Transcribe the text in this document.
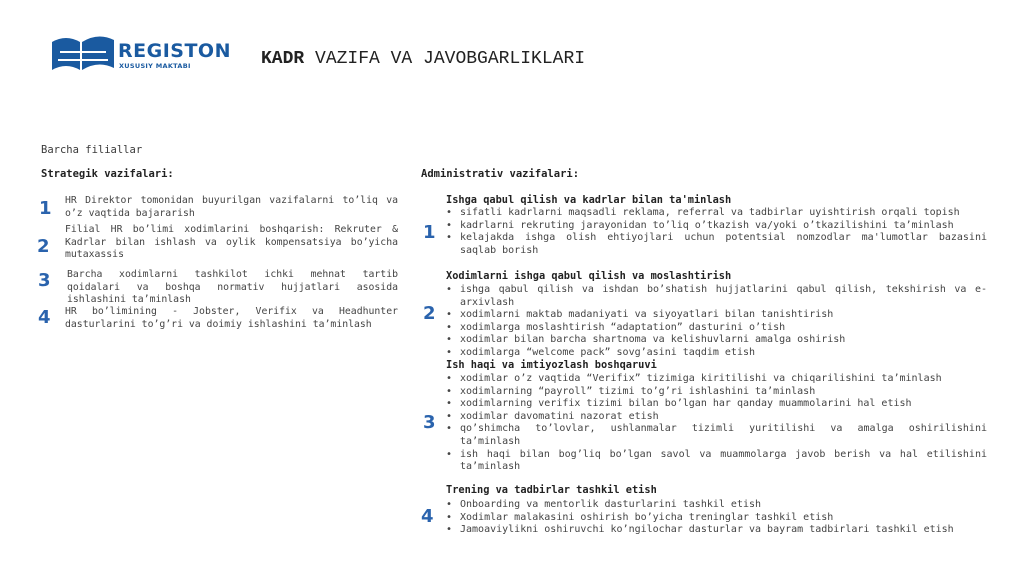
REGISTON
XUSUSIY MAKTABI	KADR VAZIFA VA JAVOBGARLIKLARI
Barcha filiallar
Strategik vazifalari:
1 HR Direktor tomonidan buyurilgan vazifalarni to’liq va o’z vaqtida bajararish
2
Filial HR bo’limi xodimlarini boshqarish: Rekruter & Kadrlar bilan ishlash va oylik kompensatsiya bo’yicha mutaxassis
3 Barcha xodimlarni tashkilot ichki mehnat tartib qoidalari va boshqa normativ hujjatlari asosida ishlashini ta’minlash
4 HR bo’limining - Jobster, Verifix va Headhunter dasturlarini to’g’ri va doimiy ishlashini ta’minlash
Administrativ vazifalari:
1
Ishga qabul qilish va kadrlar bilan ta'minlash
• sifatli kadrlarni maqsadli reklama, referral va tadbirlar uyishtirish orqali topish
• kadrlarni rekruting jarayonidan to’liq o’tkazish va/yoki o’tkazilishini ta’minlash
• kelajakda ishga olish ehtiyojlari uchun potentsial nomzodlar ma'lumotlar bazasini saqlab borish
2
Xodimlarni ishga qabul qilish va moslashtirish
• ishga qabul qilish va ishdan bo’shatish hujjatlarini qabul qilish, tekshirish va e-arxivlash
• xodimlarni maktab madaniyati va siyoyatlari bilan tanishtirish
• xodimlarga moslashtirish “adaptation” dasturini o’tish
• xodimlar bilan barcha shartnoma va kelishuvlarni amalga oshirish
• xodimlarga “welcome pack” sovg’asini taqdim etish
3
Ish haqi va imtiyozlash boshqaruvi
• xodimlar o’z vaqtida “Verifix” tizimiga kiritilishi va chiqarilishini ta’minlash
• xodimlarning “payroll” tizimi to’g’ri ishlashini ta’minlash
• xodimlarning verifix tizimi bilan bo’lgan har qanday muammolarini hal etish
• xodimlar davomatini nazorat etish
• qo’shimcha to’lovlar, ushlanmalar tizimli yuritilishi va amalga oshirilishini ta’minlash
• ish haqi bilan bog’liq bo’lgan savol va muammolarga javob berish va hal etilishini ta’minlash
4
Trening va tadbirlar tashkil etish
• Onboarding va mentorlik dasturlarini tashkil etish
• Xodimlar malakasini oshirish bo’yicha treninglar tashkil etish
• Jamoaviylikni oshiruvchi ko’ngilochar dasturlar va bayram tadbirlari tashkil etish
